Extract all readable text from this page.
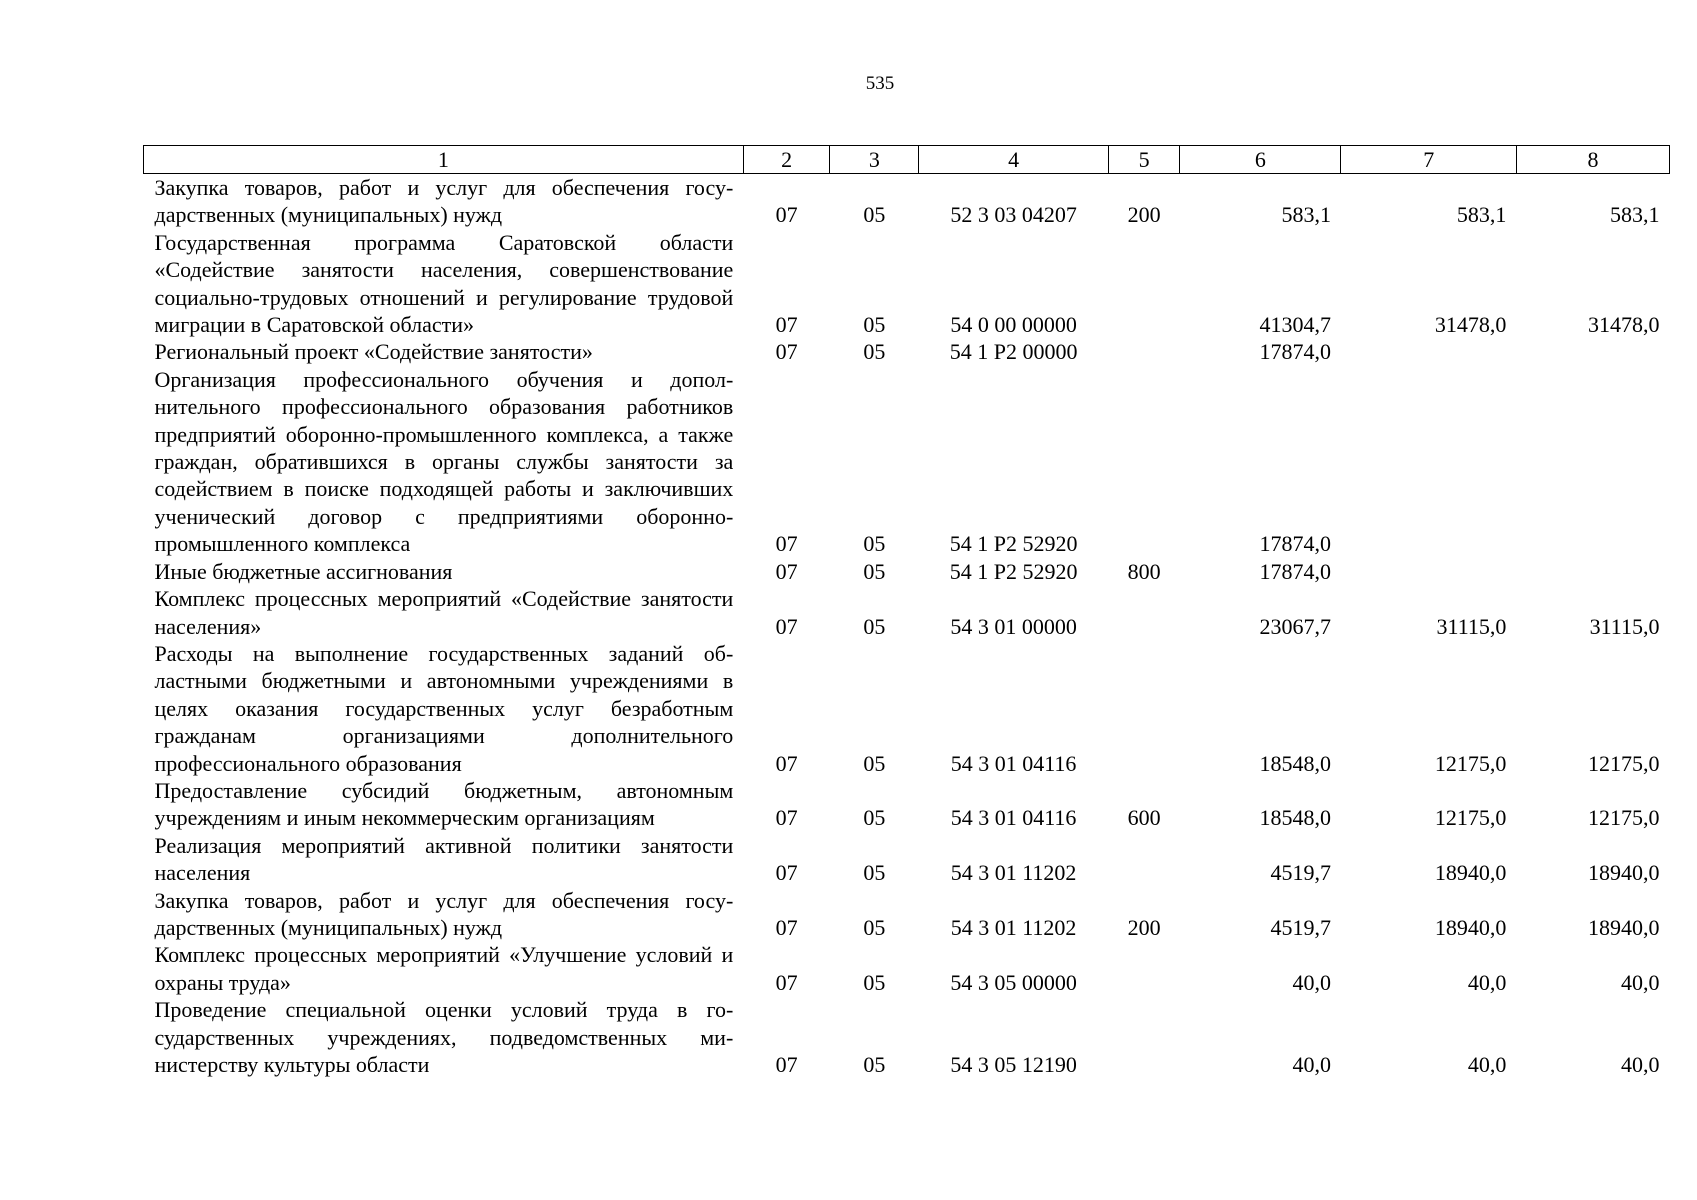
535
1	2	3	4	5	6	7	8
Закупка товаров, работ и услуг для обеспечения государственных (муниципальных) нужд	07	05	52 3 03 04207	200	583,1	583,1	583,1
Государственная программа Саратовской области «Содействие занятости населения, совершенствование социально-трудовых отношений и регулирование трудовой миграции в Саратовской области»	07	05	54 0 00 00000		41304,7	31478,0	31478,0
Региональный проект «Содействие занятости»	07	05	54 1 Р2 00000		17874,0		
Организация профессионального обучения и дополнительного профессионального образования работников предприятий оборонно-промышленного комплекса, а также граждан, обратившихся в органы службы занятости за содействием в поиске подходящей работы и заключивших ученический договор с предприятиями оборонно-промышленного комплекса	07	05	54 1 Р2 52920		17874,0		
Иные бюджетные ассигнования	07	05	54 1 Р2 52920	800	17874,0		
Комплекс процессных мероприятий «Содействие занятости населения»	07	05	54 3 01 00000		23067,7	31115,0	31115,0
Расходы на выполнение государственных заданий областными бюджетными и автономными учреждениями в целях оказания государственных услуг безработным гражданам организациями дополнительного профессионального образования	07	05	54 3 01 04116		18548,0	12175,0	12175,0
Предоставление субсидий бюджетным, автономным учреждениям и иным некоммерческим организациям	07	05	54 3 01 04116	600	18548,0	12175,0	12175,0
Реализация мероприятий активной политики занятости населения	07	05	54 3 01 11202		4519,7	18940,0	18940,0
Закупка товаров, работ и услуг для обеспечения государственных (муниципальных) нужд	07	05	54 3 01 11202	200	4519,7	18940,0	18940,0
Комплекс процессных мероприятий «Улучшение условий и охраны труда»	07	05	54 3 05 00000		40,0	40,0	40,0
Проведение специальной оценки условий труда в государственных учреждениях, подведомственных министерству культуры области	07	05	54 3 05 12190		40,0	40,0	40,0
